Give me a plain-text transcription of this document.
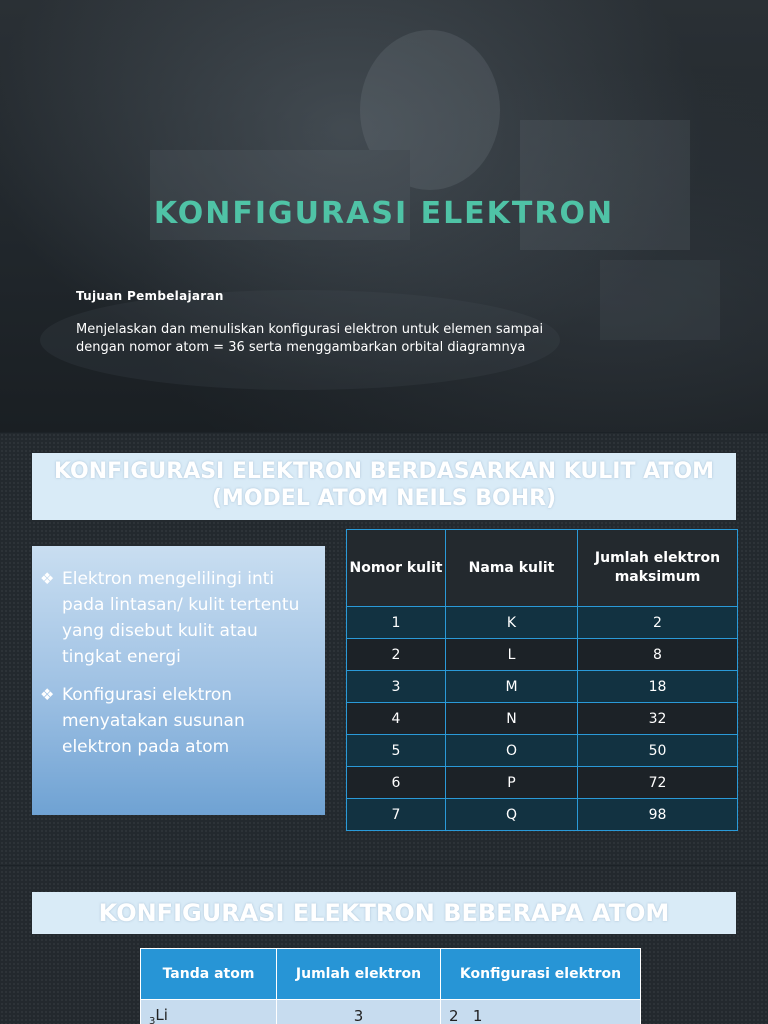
KONFIGURASI ELEKTRON
Tujuan Pembelajaran
Menjelaskan dan menuliskan konfigurasi elektron untuk elemen sampai dengan nomor atom = 36 serta menggambarkan orbital diagramnya
KONFIGURASI ELEKTRON BERDASARKAN KULIT ATOM
(MODEL ATOM NEILS BOHR)
❖ Elektron mengelilingi inti pada lintasan/ kulit tertentu yang disebut kulit atau tingkat energi
❖ Konfigurasi elektron menyatakan susunan elektron pada atom
Nomor kulit	Nama kulit	Jumlah elektron maksimum
1	K	2
2	L	8
3	M	18
4	N	32
5	O	50
6	P	72
7	Q	98
KONFIGURASI ELEKTRON BEBERAPA ATOM
Tanda atom	Jumlah elektron	Konfigurasi elektron
$_3$Li	3	2   1
